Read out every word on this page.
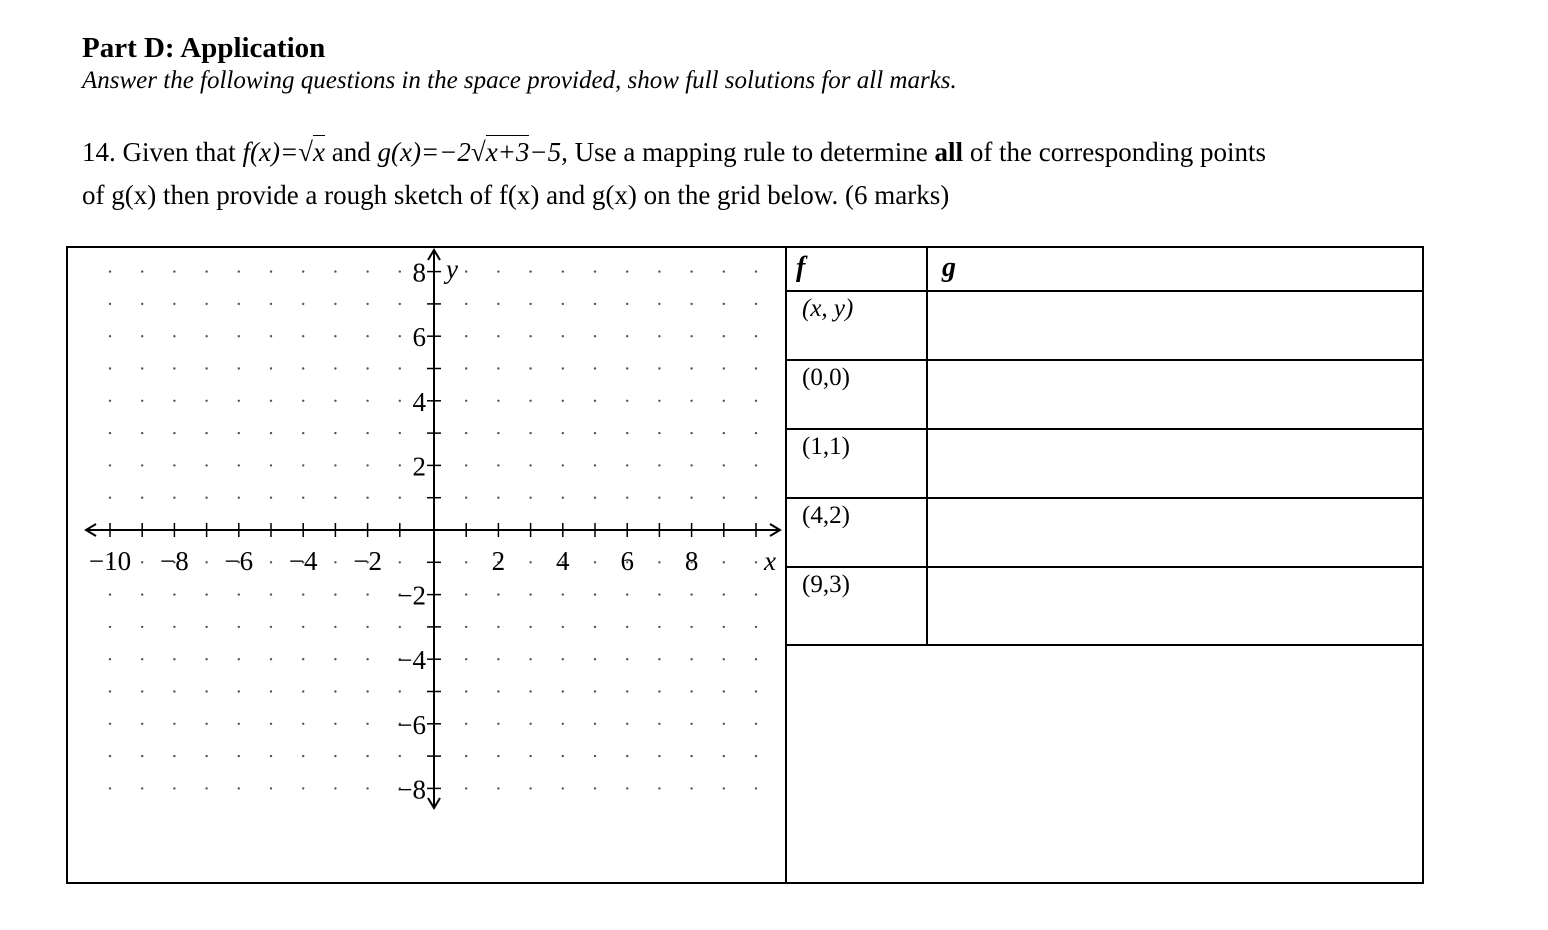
Part D: Application

Answer the following questions in the space provided, show full solutions for all marks.

14. Given that f(x)=√x and g(x)=−2√x+3−5, Use a mapping rule to determine all of the corresponding points
of g(x) then provide a rough sketch of f(x) and g(x) on the grid below. (6 marks)
f	g
(x, y)
(0,0)
(1,1)
(4,2)
(9,3)
−10 −8 −6 −4 −2	2 4 6 8
8
6
4
2
−2
−4
−6
−8
y
x
